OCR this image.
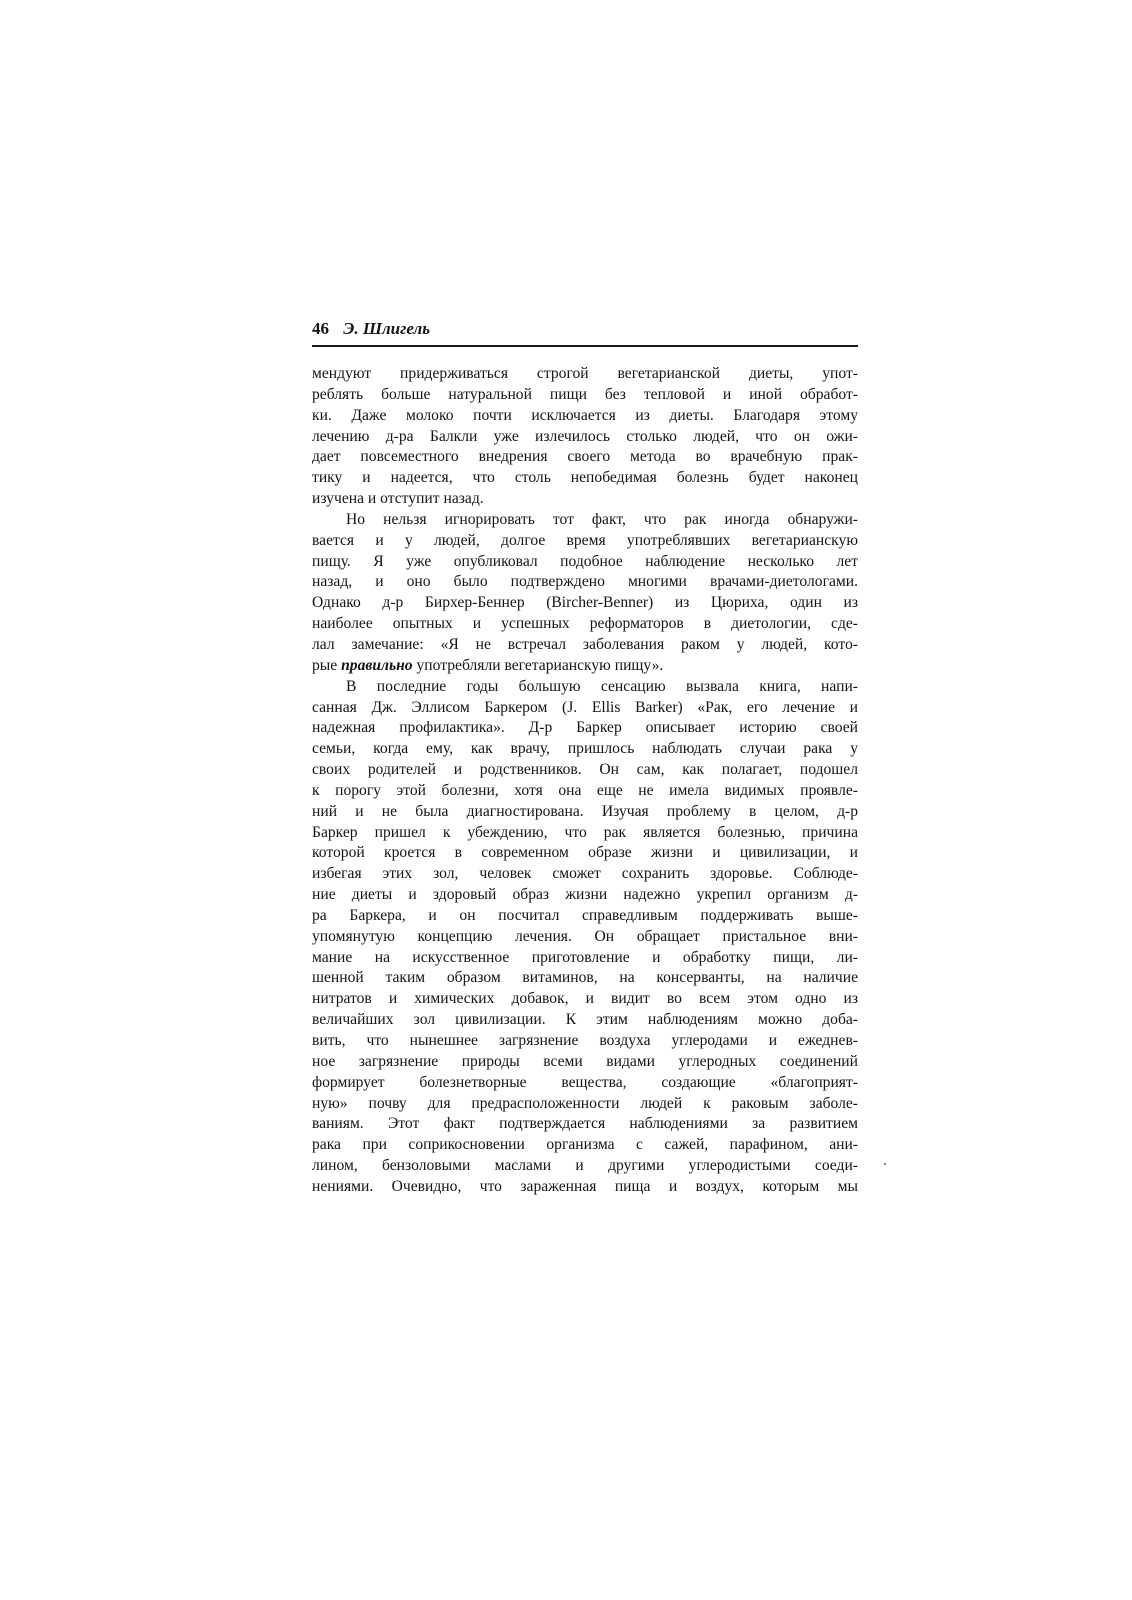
46 Э. Шлигель
мендуют придерживаться строгой вегетарианской диеты, упот-
реблять больше натуральной пищи без тепловой и иной обработ-
ки. Даже молоко почти исключается из диеты. Благодаря этому
лечению д-ра Балкли уже излечилось столько людей, что он ожи-
дает повсеместного внедрения своего метода во врачебную прак-
тику и надеется, что столь непобедимая болезнь будет наконец
изучена и отступит назад.
Но нельзя игнорировать тот факт, что рак иногда обнаружи-
вается и у людей, долгое время употреблявших вегетарианскую
пищу. Я уже опубликовал подобное наблюдение несколько лет
назад, и оно было подтверждено многими врачами-диетологами.
Однако д-р Бирхер-Беннер (Bircher-Benner) из Цюриха, один из
наиболее опытных и успешных реформаторов в диетологии, сде-
лал замечание: «Я не встречал заболевания раком у людей, кото-
рые правильно употребляли вегетарианскую пищу».
В последние годы большую сенсацию вызвала книга, напи-
санная Дж. Эллисом Баркером (J. Ellis Barker) «Рак, его лечение и
надежная профилактика». Д-р Баркер описывает историю своей
семьи, когда ему, как врачу, пришлось наблюдать случаи рака у
своих родителей и родственников. Он сам, как полагает, подошел
к порогу этой болезни, хотя она еще не имела видимых проявле-
ний и не была диагностирована. Изучая проблему в целом, д-р
Баркер пришел к убеждению, что рак является болезнью, причина
которой кроется в современном образе жизни и цивилизации, и
избегая этих зол, человек сможет сохранить здоровье. Соблюде-
ние диеты и здоровый образ жизни надежно укрепил организм д-
ра Баркера, и он посчитал справедливым поддерживать выше-
упомянутую концепцию лечения. Он обращает пристальное вни-
мание на искусственное приготовление и обработку пищи, ли-
шенной таким образом витаминов, на консерванты, на наличие
нитратов и химических добавок, и видит во всем этом одно из
величайших зол цивилизации. К этим наблюдениям можно доба-
вить, что нынешнее загрязнение воздуха углеродами и ежеднев-
ное загрязнение природы всеми видами углеродных соединений
формирует болезнетворные вещества, создающие «благоприят-
ную» почву для предрасположенности людей к раковым заболе-
ваниям. Этот факт подтверждается наблюдениями за развитием
рака при соприкосновении организма с сажей, парафином, ани-
лином, бензоловыми маслами и другими углеродистыми соеди-
нениями. Очевидно, что зараженная пища и воздух, которым мы
